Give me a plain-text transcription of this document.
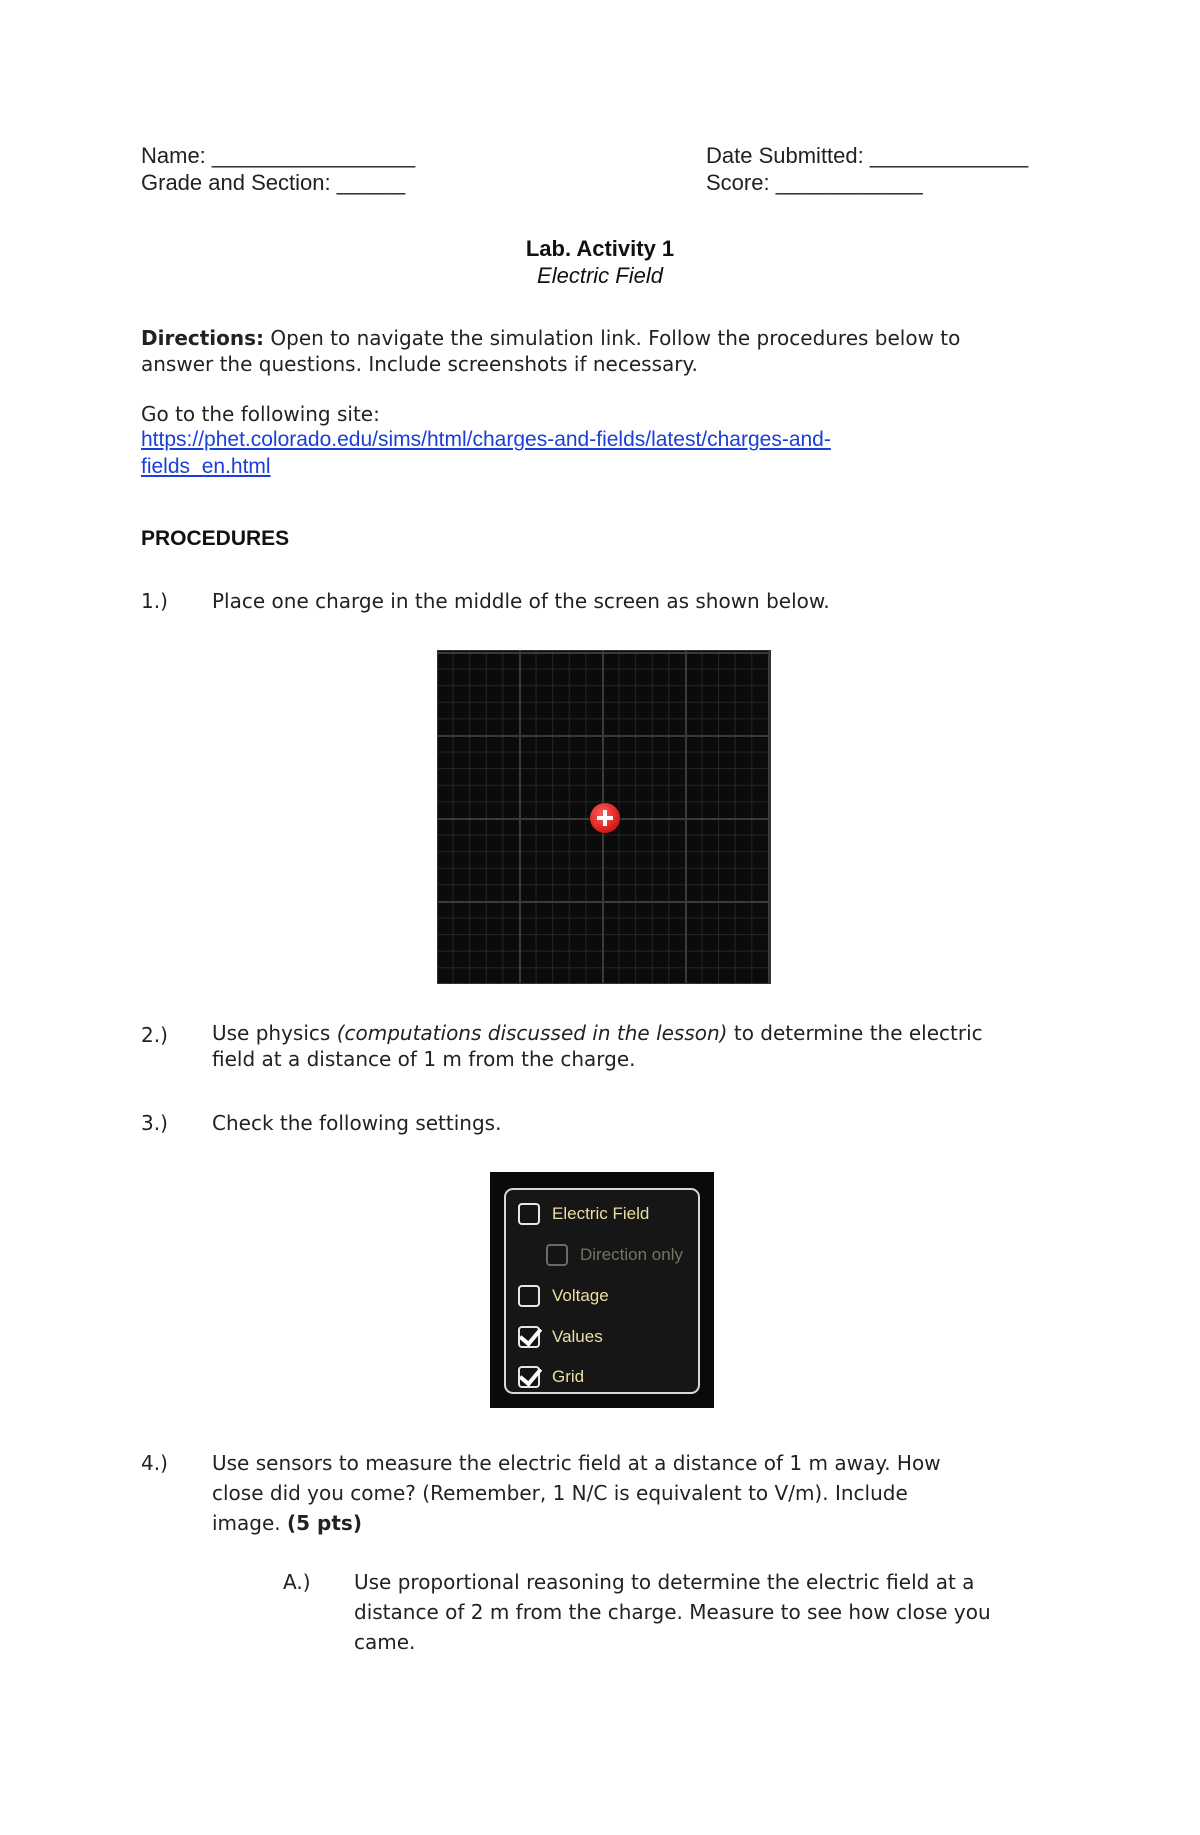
Name: __________________
Grade and Section: ______
Date Submitted: ______________
Score: _____________
Lab. Activity 1
Electric Field
Directions: Open to navigate the simulation link. Follow the procedures below to
answer the questions. Include screenshots if necessary.
Go to the following site:
https://phet.colorado.edu/sims/html/charges-and-fields/latest/charges-and-
fields_en.html
PROCEDURES
1.) Place one charge in the middle of the screen as shown below.
2.) Use physics (computations discussed in the lesson) to determine the electric
field at a distance of 1 m from the charge.
3.) Check the following settings.
Electric Field
Direction only
Voltage
Values
Grid
4.) Use sensors to measure the electric field at a distance of 1 m away. How
close did you come? (Remember, 1 N/C is equivalent to V/m). Include
image. (5 pts)
A.) Use proportional reasoning to determine the electric field at a
distance of 2 m from the charge. Measure to see how close you
came.
